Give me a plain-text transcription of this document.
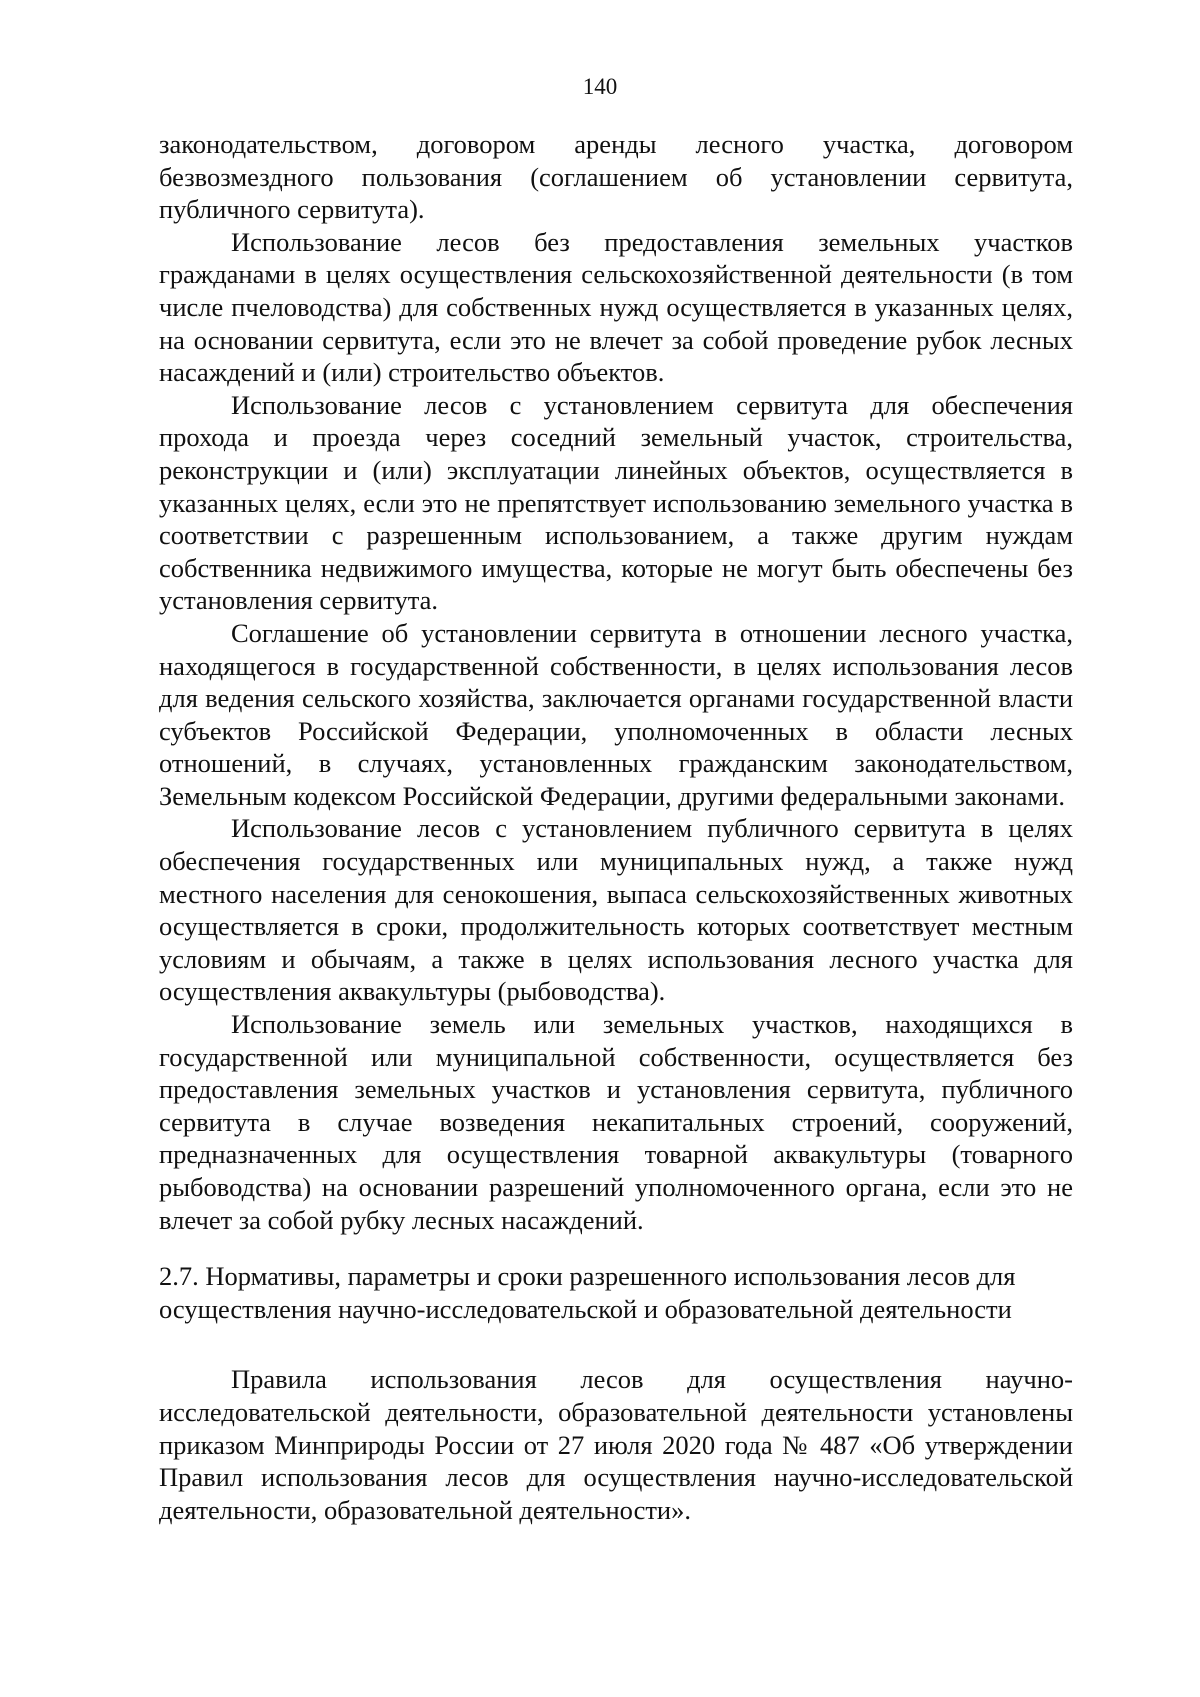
140

законодательством, договором аренды лесного участка, договором безвозмездного пользования (соглашением об установлении сервитута, публичного сервитута).

Использование лесов без предоставления земельных участков гражданами в целях осуществления сельскохозяйственной деятельности (в том числе пчеловодства) для собственных нужд осуществляется в указанных целях, на основании сервитута, если это не влечет за собой проведение рубок лесных насаждений и (или) строительство объектов.

Использование лесов с установлением сервитута для обеспечения прохода и проезда через соседний земельный участок, строительства, реконструкции и (или) эксплуатации линейных объектов, осуществляется в указанных целях, если это не препятствует использованию земельного участка в соответствии с разрешенным использованием, а также другим нуждам собственника недвижимого имущества, которые не могут быть обеспечены без установления сервитута.

Соглашение об установлении сервитута в отношении лесного участка, находящегося в государственной собственности, в целях использования лесов для ведения сельского хозяйства, заключается органами государственной власти субъектов Российской Федерации, уполномоченных в области лесных отношений, в случаях, установленных гражданским законодательством, Земельным кодексом Российской Федерации, другими федеральными законами.

Использование лесов с установлением публичного сервитута в целях обеспечения государственных или муниципальных нужд, а также нужд местного населения для сенокошения, выпаса сельскохозяйственных животных осуществляется в сроки, продолжительность которых соответствует местным условиям и обычаям, а также в целях использования лесного участка для осуществления аквакультуры (рыбоводства).

Использование земель или земельных участков, находящихся в государственной или муниципальной собственности, осуществляется без предоставления земельных участков и установления сервитута, публичного сервитута в случае возведения некапитальных строений, сооружений, предназначенных для осуществления товарной аквакультуры (товарного рыбоводства) на основании разрешений уполномоченного органа, если это не влечет за собой рубку лесных насаждений.

2.7. Нормативы, параметры и сроки разрешенного использования лесов для осуществления научно-исследовательской и образовательной деятельности

Правила использования лесов для осуществления научно-исследовательской деятельности, образовательной деятельности установлены приказом Минприроды России от 27 июля 2020 года № 487 «Об утверждении Правил использования лесов для осуществления научно-исследовательской деятельности, образовательной деятельности».
